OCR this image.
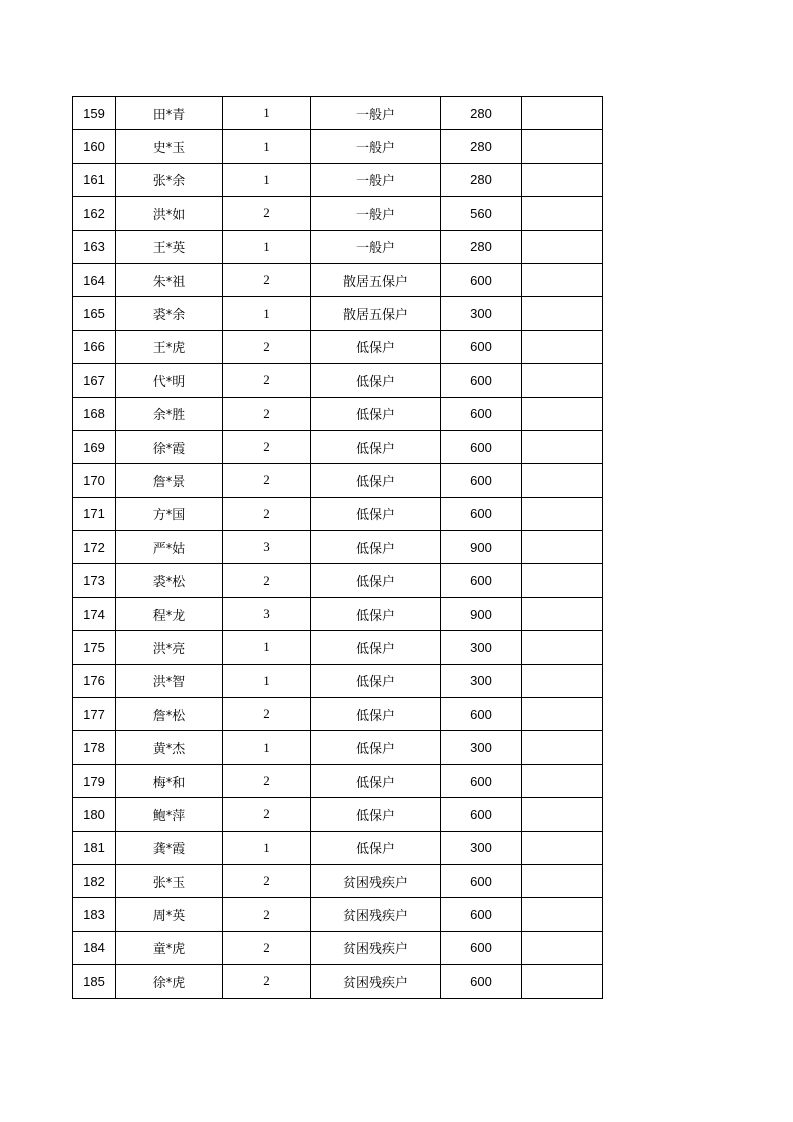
159	田*青	1	一般户	280	
160	史*玉	1	一般户	280	
161	张*余	1	一般户	280	
162	洪*如	2	一般户	560	
163	王*英	1	一般户	280	
164	朱*祖	2	散居五保户	600	
165	裘*余	1	散居五保户	300	
166	王*虎	2	低保户	600	
167	代*明	2	低保户	600	
168	余*胜	2	低保户	600	
169	徐*霞	2	低保户	600	
170	詹*景	2	低保户	600	
171	方*国	2	低保户	600	
172	严*姑	3	低保户	900	
173	裘*松	2	低保户	600	
174	程*龙	3	低保户	900	
175	洪*亮	1	低保户	300	
176	洪*智	1	低保户	300	
177	詹*松	2	低保户	600	
178	黄*杰	1	低保户	300	
179	梅*和	2	低保户	600	
180	鲍*萍	2	低保户	600	
181	龚*霞	1	低保户	300	
182	张*玉	2	贫困残疾户	600	
183	周*英	2	贫困残疾户	600	
184	童*虎	2	贫困残疾户	600	
185	徐*虎	2	贫困残疾户	600	
